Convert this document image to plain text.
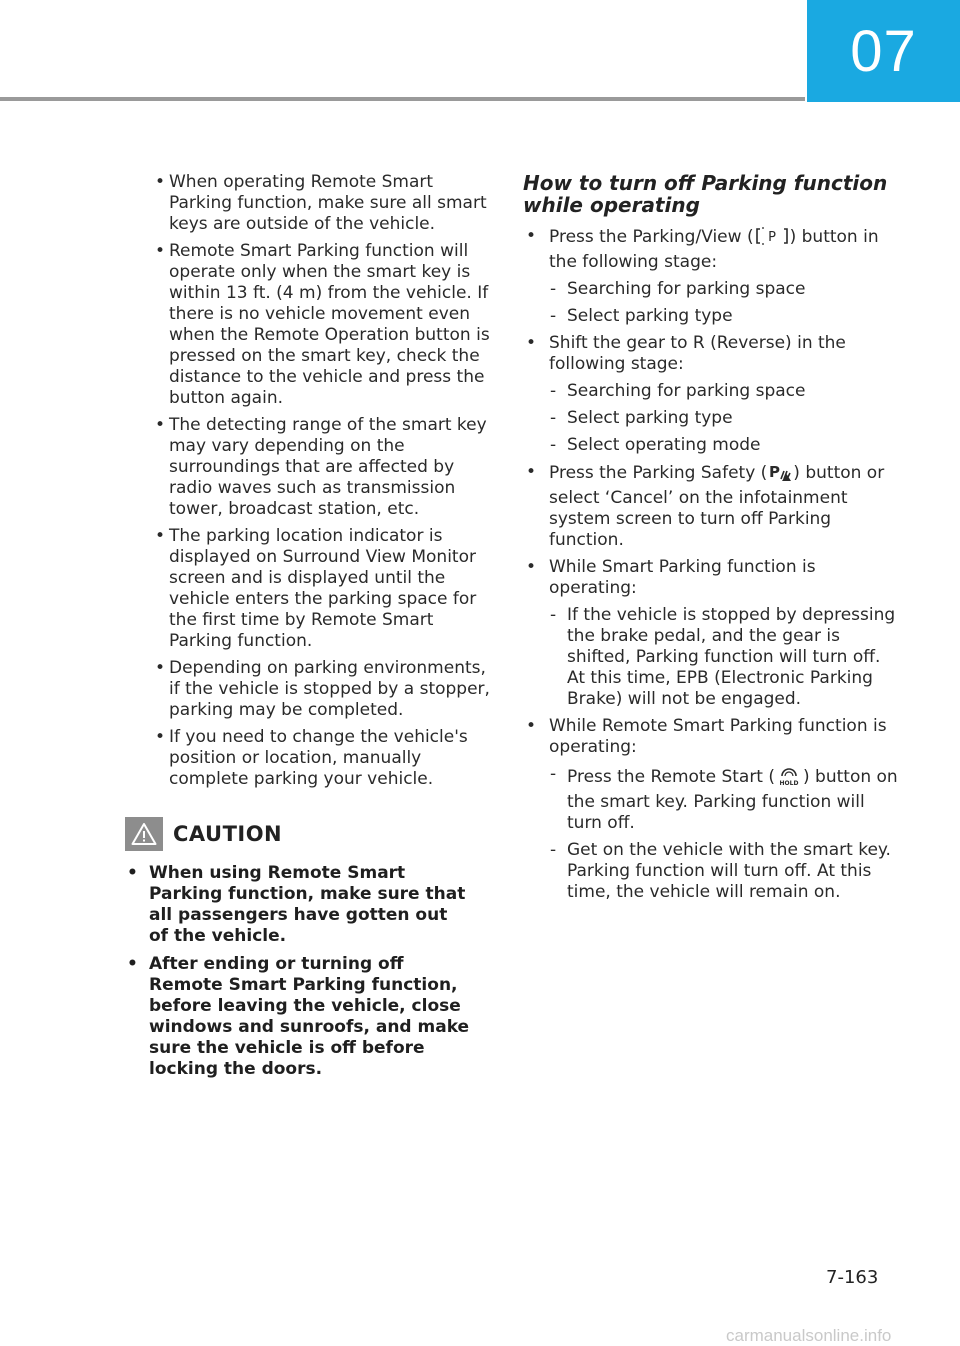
07
• When operating Remote Smart Parking function, make sure all smart keys are outside of the vehicle.
• Remote Smart Parking function will operate only when the smart key is within 13 ft. (4 m) from the vehicle. If there is no vehicle movement even when the Remote Operation button is pressed on the smart key, check the distance to the vehicle and press the button again.
• The detecting range of the smart key may vary depending on the surroundings that are affected by radio waves such as transmission tower, broadcast station, etc.
• The parking location indicator is displayed on Surround View Monitor screen and is displayed until the vehicle enters the parking space for the first time by Remote Smart Parking function.
• Depending on parking environments, if the vehicle is stopped by a stopper, parking may be completed.
• If you need to change the vehicle's position or location, manually complete parking your vehicle.
CAUTION
• When using Remote Smart Parking function, make sure that all passengers have gotten out of the vehicle.
• After ending or turning off Remote Smart Parking function, before leaving the vehicle, close windows and sunroofs, and make sure the vehicle is off before locking the doors.
How to turn off Parking function while operating
• Press the Parking/View ( P ) button in the following stage:
- Searching for parking space
- Select parking type
• Shift the gear to R (Reverse) in the following stage:
- Searching for parking space
- Select parking type
- Select operating mode
• Press the Parking Safety ( P ) button or select ‘Cancel’ on the infotainment system screen to turn off Parking function.
• While Smart Parking function is operating:
- If the vehicle is stopped by depressing the brake pedal, and the gear is shifted, Parking function will turn off. At this time, EPB (Electronic Parking Brake) will not be engaged.
• While Remote Smart Parking function is operating:
- Press the Remote Start ( HOLD ) button on the smart key. Parking function will turn off.
- Get on the vehicle with the smart key. Parking function will turn off. At this time, the vehicle will remain on.
7-163
carmanualsonline.info
